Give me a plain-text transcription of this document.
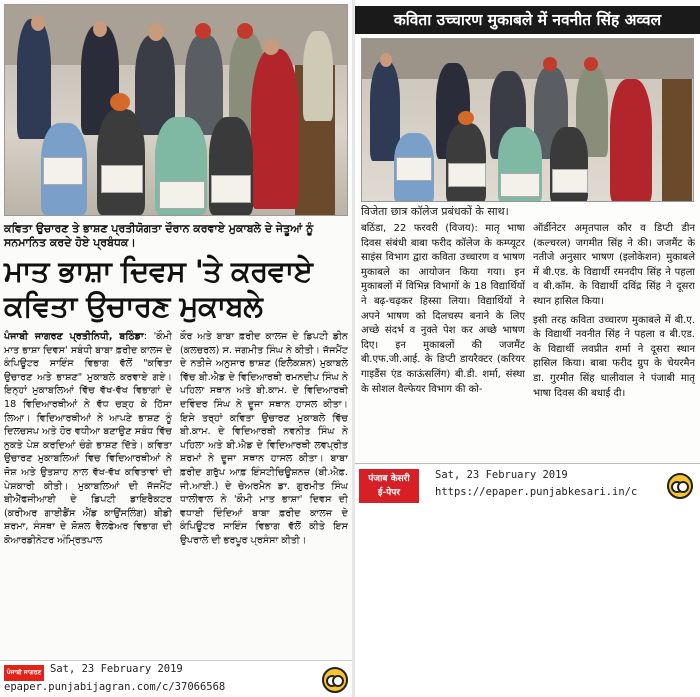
ਕਵਿਤਾ ਉਚਾਰਣ ਤੇ ਭਾਸ਼ਣ ਪ੍ਰਤੀਯੋਗਤਾ ਦੌਰਾਨ ਕਰਵਾਏ ਮੁਕਾਬਲੇ ਦੇ ਜੇਤੂਆਂ ਨੂੰ ਸਨਮਾਨਿਤ ਕਰਦੇ ਹੋਏ ਪ੍ਰਬੰਧਕ।
ਮਾਤ ਭਾਸ਼ਾ ਦਿਵਸ 'ਤੇ ਕਰਵਾਏ
ਕਵਿਤਾ ਉਚਾਰਣ ਮੁਕਾਬਲੇ
ਪੰਜਾਬੀ ਜਾਗਰਣ ਪ੍ਰਤੀਨਿਧੀ, ਬਠਿੰਡਾ: 'ਕੌਮੀ ਮਾਤ ਭਾਸ਼ਾ ਦਿਵਸ' ਸਬੰਧੀ ਬਾਬਾ ਫ਼ਰੀਦ ਕਾਲਜ ਦੇ ਕੰਪਿਊਟਰ ਸਾਇੰਸ ਵਿਭਾਗ ਵੱਲੋਂ "ਕਵਿਤਾ ਉਚਾਰਣ ਅਤੇ ਭਾਸ਼ਣ" ਮੁਕਾਬਲੇ ਕਰਵਾਏ ਗਏ। ਇਨ੍ਹਾਂ ਮੁਕਾਬਲਿਆਂ ਵਿੱਚ ਵੱਖ-ਵੱਖ ਵਿਭਾਗਾਂ ਦੇ 18 ਵਿਦਿਆਰਥੀਆਂ ਨੇ ਵੱਧ ਚੜ੍ਹ ਕੇ ਹਿੱਸਾ ਲਿਆ। ਵਿਦਿਆਰਥੀਆਂ ਨੇ ਆਪਣੇ ਭਾਸ਼ਣ ਨੂੰ ਦਿਲਚਸਪ ਅਤੇ ਹੋਰ ਵਧੀਆ ਬਣਾਉਣ ਸਬੰਧ ਵਿੱਚ ਨੁਕਤੇ ਪੇਸ਼ ਕਰਦਿਆਂ ਚੰਗੇ ਭਾਸ਼ਣ ਦਿੱਤੇ। ਕਵਿਤਾ ਉਚਾਰਣ ਮੁਕਾਬਲਿਆਂ ਵਿਚ ਵਿਦਿਆਰਥੀਆਂ ਨੇ ਜੋਸ਼ ਅਤੇ ਉਤਸ਼ਾਹ ਨਾਲ ਵੱਖ-ਵੱਖ ਕਵਿਤਾਵਾਂ ਦੀ ਪੇਸ਼ਕਾਰੀ ਕੀਤੀ। ਮੁਕਾਬਲਿਆਂ ਦੀ ਜੱਜਮੈਂਟ ਬੀਐੱਫਜੀਆਈ ਦੇ ਡਿਪਟੀ ਡਾਇਰੈਕਟਰ (ਕਰੀਅਰ ਗਾਈਡੈਂਸ ਐਂਡ ਕਾਉਂਸਲਿੰਗ) ਬੀਡੀ ਸ਼ਰਮਾ, ਸੰਸਥਾ ਦੇ ਸ਼ੋਸ਼ਲ ਵੈਲਫੇਅਰ ਵਿਭਾਗ ਦੀ ਕੋਆਰਡੀਨੇਟਰ ਅੰਮ੍ਰਿਤਪਾਲ
ਕੌਰ ਅਤੇ ਬਾਬਾ ਫ਼ਰੀਦ ਕਾਲਜ ਦੇ ਡਿਪਟੀ ਡੀਨ (ਕਲਚਰਲ) ਸ. ਜਗਮੀਤ ਸਿੰਘ ਨੇ ਕੀਤੀ। ਜੱਜਮੈਂਟ ਦੇ ਨਤੀਜੇ ਅਨੁਸਾਰ ਭਾਸ਼ਣ (ਇਲੈਕਸ਼ਨ) ਮੁਕਾਬਲੇ ਵਿੱਚ ਬੀ.ਐਡ ਦੇ ਵਿਦਿਆਰਥੀ ਰਮਨਦੀਪ ਸਿੰਘ ਨੇ ਪਹਿਲਾ ਸਥਾਨ ਅਤੇ ਬੀ.ਕਾਮ. ਦੇ ਵਿਦਿਆਰਥੀ ਦਵਿੰਦਰ ਸਿੰਘ ਨੇ ਦੂਜਾ ਸਥਾਨ ਹਾਸਲ ਕੀਤਾ। ਇਸੇ ਤਰ੍ਹਾਂ ਕਵਿਤਾ ਉਚਾਰਣ ਮੁਕਾਬਲੇ ਵਿੱਚ ਬੀ.ਕਾਮ. ਦੇ ਵਿਦਿਆਰਥੀ ਨਵਨੀਤ ਸਿੰਘ ਨੇ ਪਹਿਲਾ ਅਤੇ ਬੀ.ਐਡ ਦੇ ਵਿਦਿਆਰਥੀ ਲਵਪ੍ਰੀਤ ਸ਼ਰਮਾਂ ਨੇ ਦੂਜਾ ਸਥਾਨ ਹਾਸਲ ਕੀਤਾ। ਬਾਬਾ ਫ਼ਰੀਦ ਗਰੁੱਪ ਆਫ਼ ਇੰਸਟੀਚਿਊਸ਼ਨਜ਼ (ਬੀ.ਐਫ਼. ਜੀ.ਆਈ.) ਦੇ ਚੇਅਰਮੈਨ ਡਾ. ਗੁਰਮੀਤ ਸਿੰਘ ਧਾਲੀਵਾਲ ਨੇ 'ਕੌਮੀ ਮਾਤ ਭਾਸ਼ਾ' ਦਿਵਸ ਦੀ ਵਧਾਈ ਦਿੰਦਿਆਂ ਬਾਬਾ ਫ਼ਰੀਦ ਕਾਲਜ ਦੇ ਕੰਪਿਊਟਰ ਸਾਇੰਸ ਵਿਭਾਗ ਵੱਲੋਂ ਕੀਤੇ ਇਸ ਉਪਰਾਲੇ ਦੀ ਭਰਪੂਰ ਪ੍ਰਸੰਸਾ ਕੀਤੀ।
ਪੰਜਾਬੀ ਜਾਗਰਣ Sat, 23 February 2019
epaper.punjabijagran.com/c/37066568
कविता उच्चारण मुकाबले में नवनीत सिंह अव्वल
विजेता छात्र कॉलेज प्रबंधकों के साथ।
बठिंडा, 22 फरवरी (विजय): मातृ भाषा दिवस संबंधी बाबा फरीद कॉलेज के कम्प्यूटर साइंस विभाग द्वारा कविता उच्चारण व भाषण मुकाबले का आयोजन किया गया। इन मुकाबलों में विभिन्न विभागों के 18 विद्यार्थियों ने बढ़-चढ़कर हिस्सा लिया। विद्यार्थियों ने अपने भाषण को दिलचस्प बनाने के लिए अच्छे संदर्भ व नुक्ते पेश कर अच्छे भाषण दिए। इन मुकाबलों की जजमैंट बी.एफ.जी.आई. के डिप्टी डायरैक्टर (करियर गाइडैंस एंड काऊंसलिंग) बी.डी. शर्मा, संस्था के सोशल वैल्फेयर विभाग की को-
ऑर्डीनेटर अमृतपाल कौर व डिप्टी डीन (कल्चरल) जगमीत सिंह ने की। जजमैंट के नतीजे अनुसार भाषण (इलोकेशन) मुकाबले में बी.एड. के विद्यार्थी रमनदीप सिंह ने पहला व बी.कॉम. के विद्यार्थी दविंद्र सिंह ने दूसरा स्थान हासिल किया।
इसी तरह कविता उच्चारण मुकाबले में बी.ए. के विद्यार्थी नवनीत सिंह ने पहला व बी.एड. के विद्यार्थी लवप्रीत शर्मा ने दूसरा स्थान हासिल किया। बाबा फरीद ग्रुप के चेयरमैन डा. गुरमीत सिंह धालीवाल ने पंजाबी मातृ भाषा दिवस की बधाई दी।
पंजाब केसरी
ई-पेपर
Sat, 23 February 2019
https://epaper.punjabkesari.in/c
